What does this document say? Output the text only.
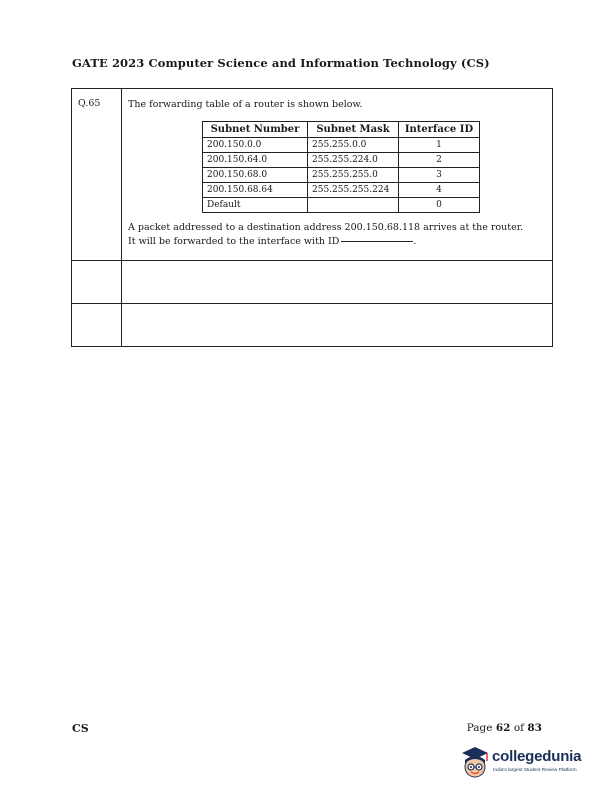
GATE 2023 Computer Science and Information Technology (CS)
Q.65	The forwarding table of a router is shown below.
Subnet Number	Subnet Mask	Interface ID
200.150.0.0	255.255.0.0	1
200.150.64.0	255.255.224.0	2
200.150.68.0	255.255.255.0	3
200.150.68.64	255.255.255.224	4
Default		0
A packet addressed to a destination address 200.150.68.118 arrives at the router.
It will be forwarded to the interface with ID	.
CS	Page 62 of 83
collegedunia
India's largest Student Review Platform
